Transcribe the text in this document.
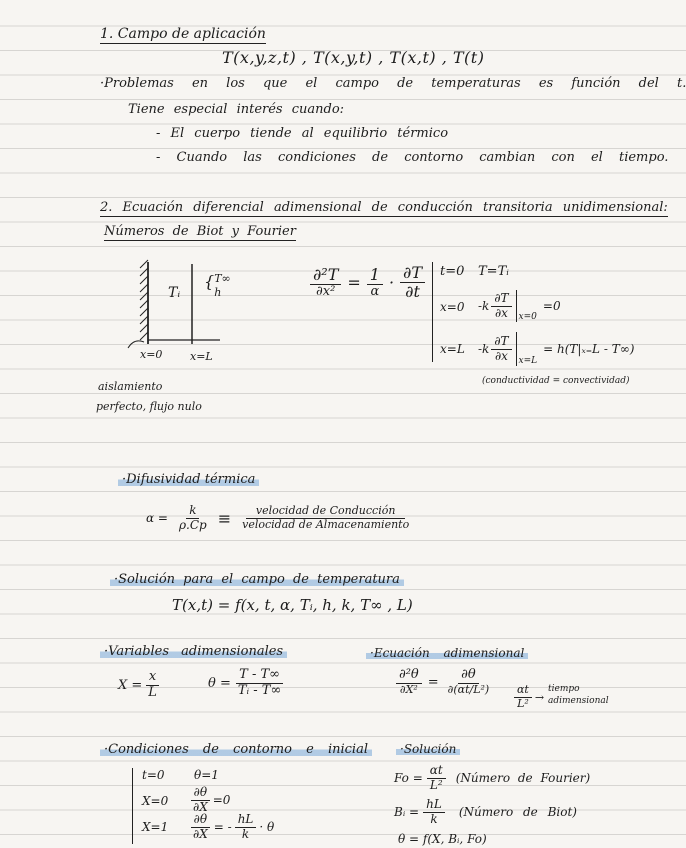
1. Campo de aplicación
T(x,y,z,t) , T(x,y,t) , T(x,t) , T(t)
·Problemas en los que el campo de temperaturas es función del t.
Tiene especial interés cuando:
- El cuerpo tiende al equilibrio térmico
- Cuando las condiciones de contorno cambian con el tiempo.
2. Ecuación diferencial adimensional de conducción transitoria unidimensional:
Números de Biot y Fourier
Tᵢ
{T∞
h
x=0	x=L
aislamiento
perfecto, flujo nulo
$\frac{\text{∂²T}}{\text{∂x²}} = \frac{1}{\alpha} \cdot \frac{\partial T}{\partial t} t=0$ T=Tᵢ
x=0 $-k \frac{\partial T}{\partial x} x=0$
=0
x=L $-k \frac{\partial T}{\partial x} x=L$
= h(T|ₓ₌L - T∞)
(conductividad = convectividad)
·Difusividad térmica
$\alpha = \frac{k}{\rho.Cp} \equiv \frac{\text{velocidad de Conducción}}{\text{velocidad de Almacenamiento}}$
·Solución para el campo de temperatura
T(x,t) = f(x, t, α, Tᵢ, h, k, T∞ , L)
·Variables adimensionales
$X = \frac{x}{L}$	$\theta = \frac{T - T\infty}{\text{Tᵢ - T∞}}$
·Ecuación adimensional
$\frac{\text{∂²θ}}{\text{∂X²}} = \frac{\partial\theta}{\text{∂(αt/L²)}}$
$\frac{\alpha t}{\text{L²}}$ →
tiempo
adimensional
·Condiciones de contorno e inicial
t=0 θ=1
$X=0 \frac{\partial\theta}{\partial X} =0$
$X=1 \frac{\partial\theta}{\partial X}$ = - $\frac{hL}{k} \cdot \theta$
·Solución
$Fo = \frac{\alpha t}{\text{L²}}$ (Número de Fourier)
Bᵢ = $\frac{hL}{k}$ (Número de Biot)
θ = f(X, Bᵢ, Fo)
